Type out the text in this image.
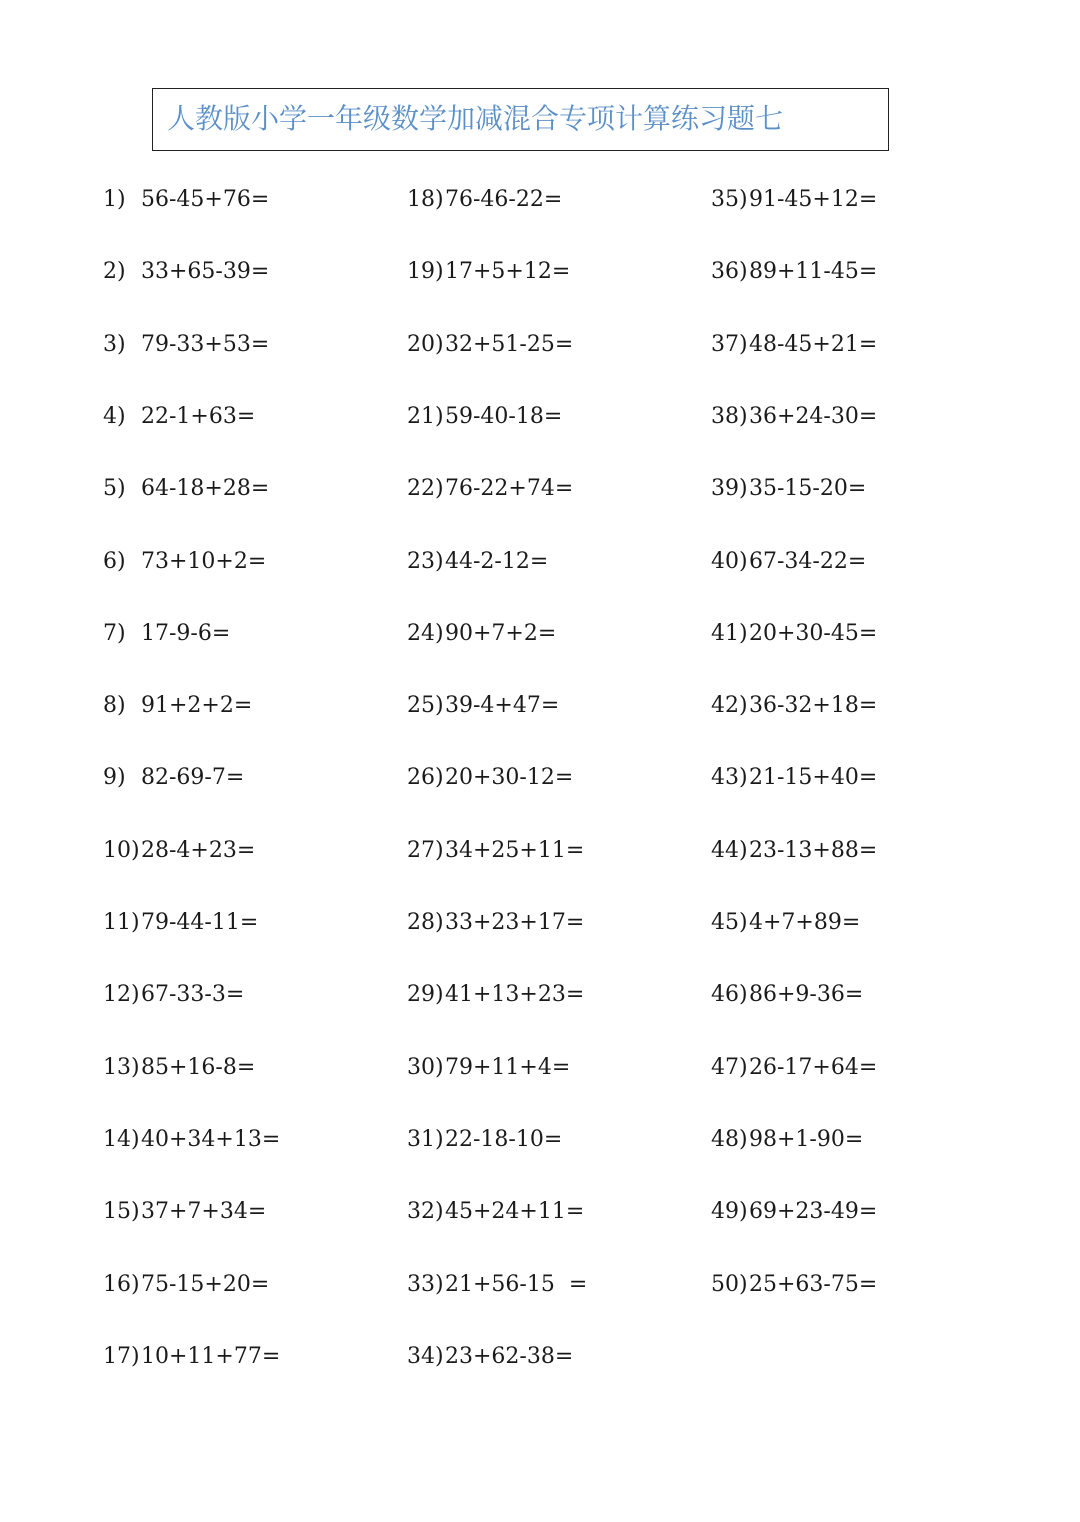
人教版小学一年级数学加减混合专项计算练习题七
1) 56-45+76=
2) 33+65-39=
3) 79-33+53=
4) 22-1+63=
5) 64-18+28=
6) 73+10+2=
7) 17-9-6=
8) 91+2+2=
9) 82-69-7=
10)28-4+23=
11)79-44-11=
12)67-33-3=
13)85+16-8=
14)40+34+13=
15)37+7+34=
16)75-15+20=
17)10+11+77=
18)76-46-22=
19)17+5+12=
20)32+51-25=
21)59-40-18=
22)76-22+74=
23)44-2-12=
24)90+7+2=
25)39-4+47=
26)20+30-12=
27)34+25+11=
28)33+23+17=
29)41+13+23=
30)79+11+4=
31)22-18-10=
32)45+24+11=
33)21+56-15  =
34)23+62-38=
35)91-45+12=
36)89+11-45=
37)48-45+21=
38)36+24-30=
39)35-15-20=
40)67-34-22=
41)20+30-45=
42)36-32+18=
43)21-15+40=
44)23-13+88=
45)4+7+89=
46)86+9-36=
47)26-17+64=
48)98+1-90=
49)69+23-49=
50)25+63-75=
